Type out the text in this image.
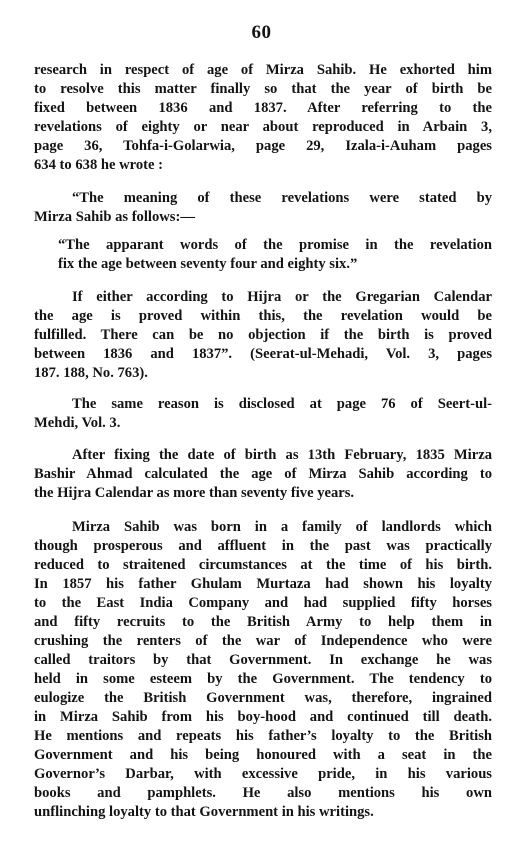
60
research in respect of age of Mirza Sahib. He exhorted him
to resolve this matter finally so that the year of birth be
fixed between 1836 and 1837. After referring to the
revelations of eighty or near about reproduced in Arbain 3,
page 36, Tohfa-i-Golarwia, page 29, Izala-i-Auham pages
634 to 638 he wrote :
“The meaning of these revelations were stated by
Mirza Sahib as follows:—
“The apparant words of the promise in the revelation
fix the age between seventy four and eighty six.”
If either according to Hijra or the Gregarian Calendar
the age is proved within this, the revelation would be
fulfilled. There can be no objection if the birth is proved
between 1836 and 1837”. (Seerat-ul-Mehadi, Vol. 3, pages
187. 188, No. 763).
The same reason is disclosed at page 76 of Seert-ul-
Mehdi, Vol. 3.
After fixing the date of birth as 13th February, 1835 Mirza
Bashir Ahmad calculated the age of Mirza Sahib according to
the Hijra Calendar as more than seventy five years.
Mirza Sahib was born in a family of landlords which
though prosperous and affluent in the past was practically
reduced to straitened circumstances at the time of his birth.
In 1857 his father Ghulam Murtaza had shown his loyalty
to the East India Company and had supplied fifty horses
and fifty recruits to the British Army to help them in
crushing the renters of the war of Independence who were
called traitors by that Government. In exchange he was
held in some esteem by the Government. The tendency to
eulogize the British Government was, therefore, ingrained
in Mirza Sahib from his boy-hood and continued till death.
He mentions and repeats his father’s loyalty to the British
Government and his being honoured with a seat in the
Governor’s Darbar, with excessive pride, in his various
books and pamphlets. He also mentions his own
unflinching loyalty to that Government in his writings.
